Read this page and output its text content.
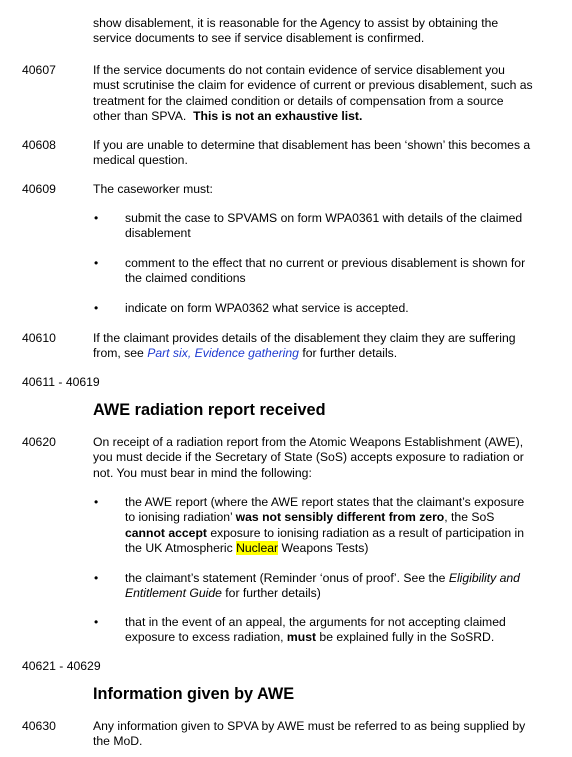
show disablement, it is reasonable for the Agency to assist by obtaining the service documents to see if service disablement is confirmed.
40607	If the service documents do not contain evidence of service disablement you must scrutinise the claim for evidence of current or previous disablement, such as treatment for the claimed condition or details of compensation from a source other than SPVA. This is not an exhaustive list.
40608	If you are unable to determine that disablement has been ‘shown’ this becomes a medical question.
40609	The caseworker must:
• submit the case to SPVAMS on form WPA0361 with details of the claimed disablement
• comment to the effect that no current or previous disablement is shown for the claimed conditions
• indicate on form WPA0362 what service is accepted.
40610	If the claimant provides details of the disablement they claim they are suffering from, see Part six, Evidence gathering for further details.
40611 - 40619
AWE radiation report received
40620	On receipt of a radiation report from the Atomic Weapons Establishment (AWE), you must decide if the Secretary of State (SoS) accepts exposure to radiation or not. You must bear in mind the following:
• the AWE report (where the AWE report states that the claimant’s exposure to ionising radiation’ was not sensibly different from zero, the SoS cannot accept exposure to ionising radiation as a result of participation in the UK Atmospheric Nuclear Weapons Tests)
• the claimant’s statement (Reminder ‘onus of proof’. See the Eligibility and Entitlement Guide for further details)
• that in the event of an appeal, the arguments for not accepting claimed exposure to excess radiation, must be explained fully in the SoSRD.
40621 - 40629
Information given by AWE
40630	Any information given to SPVA by AWE must be referred to as being supplied by the MoD.
